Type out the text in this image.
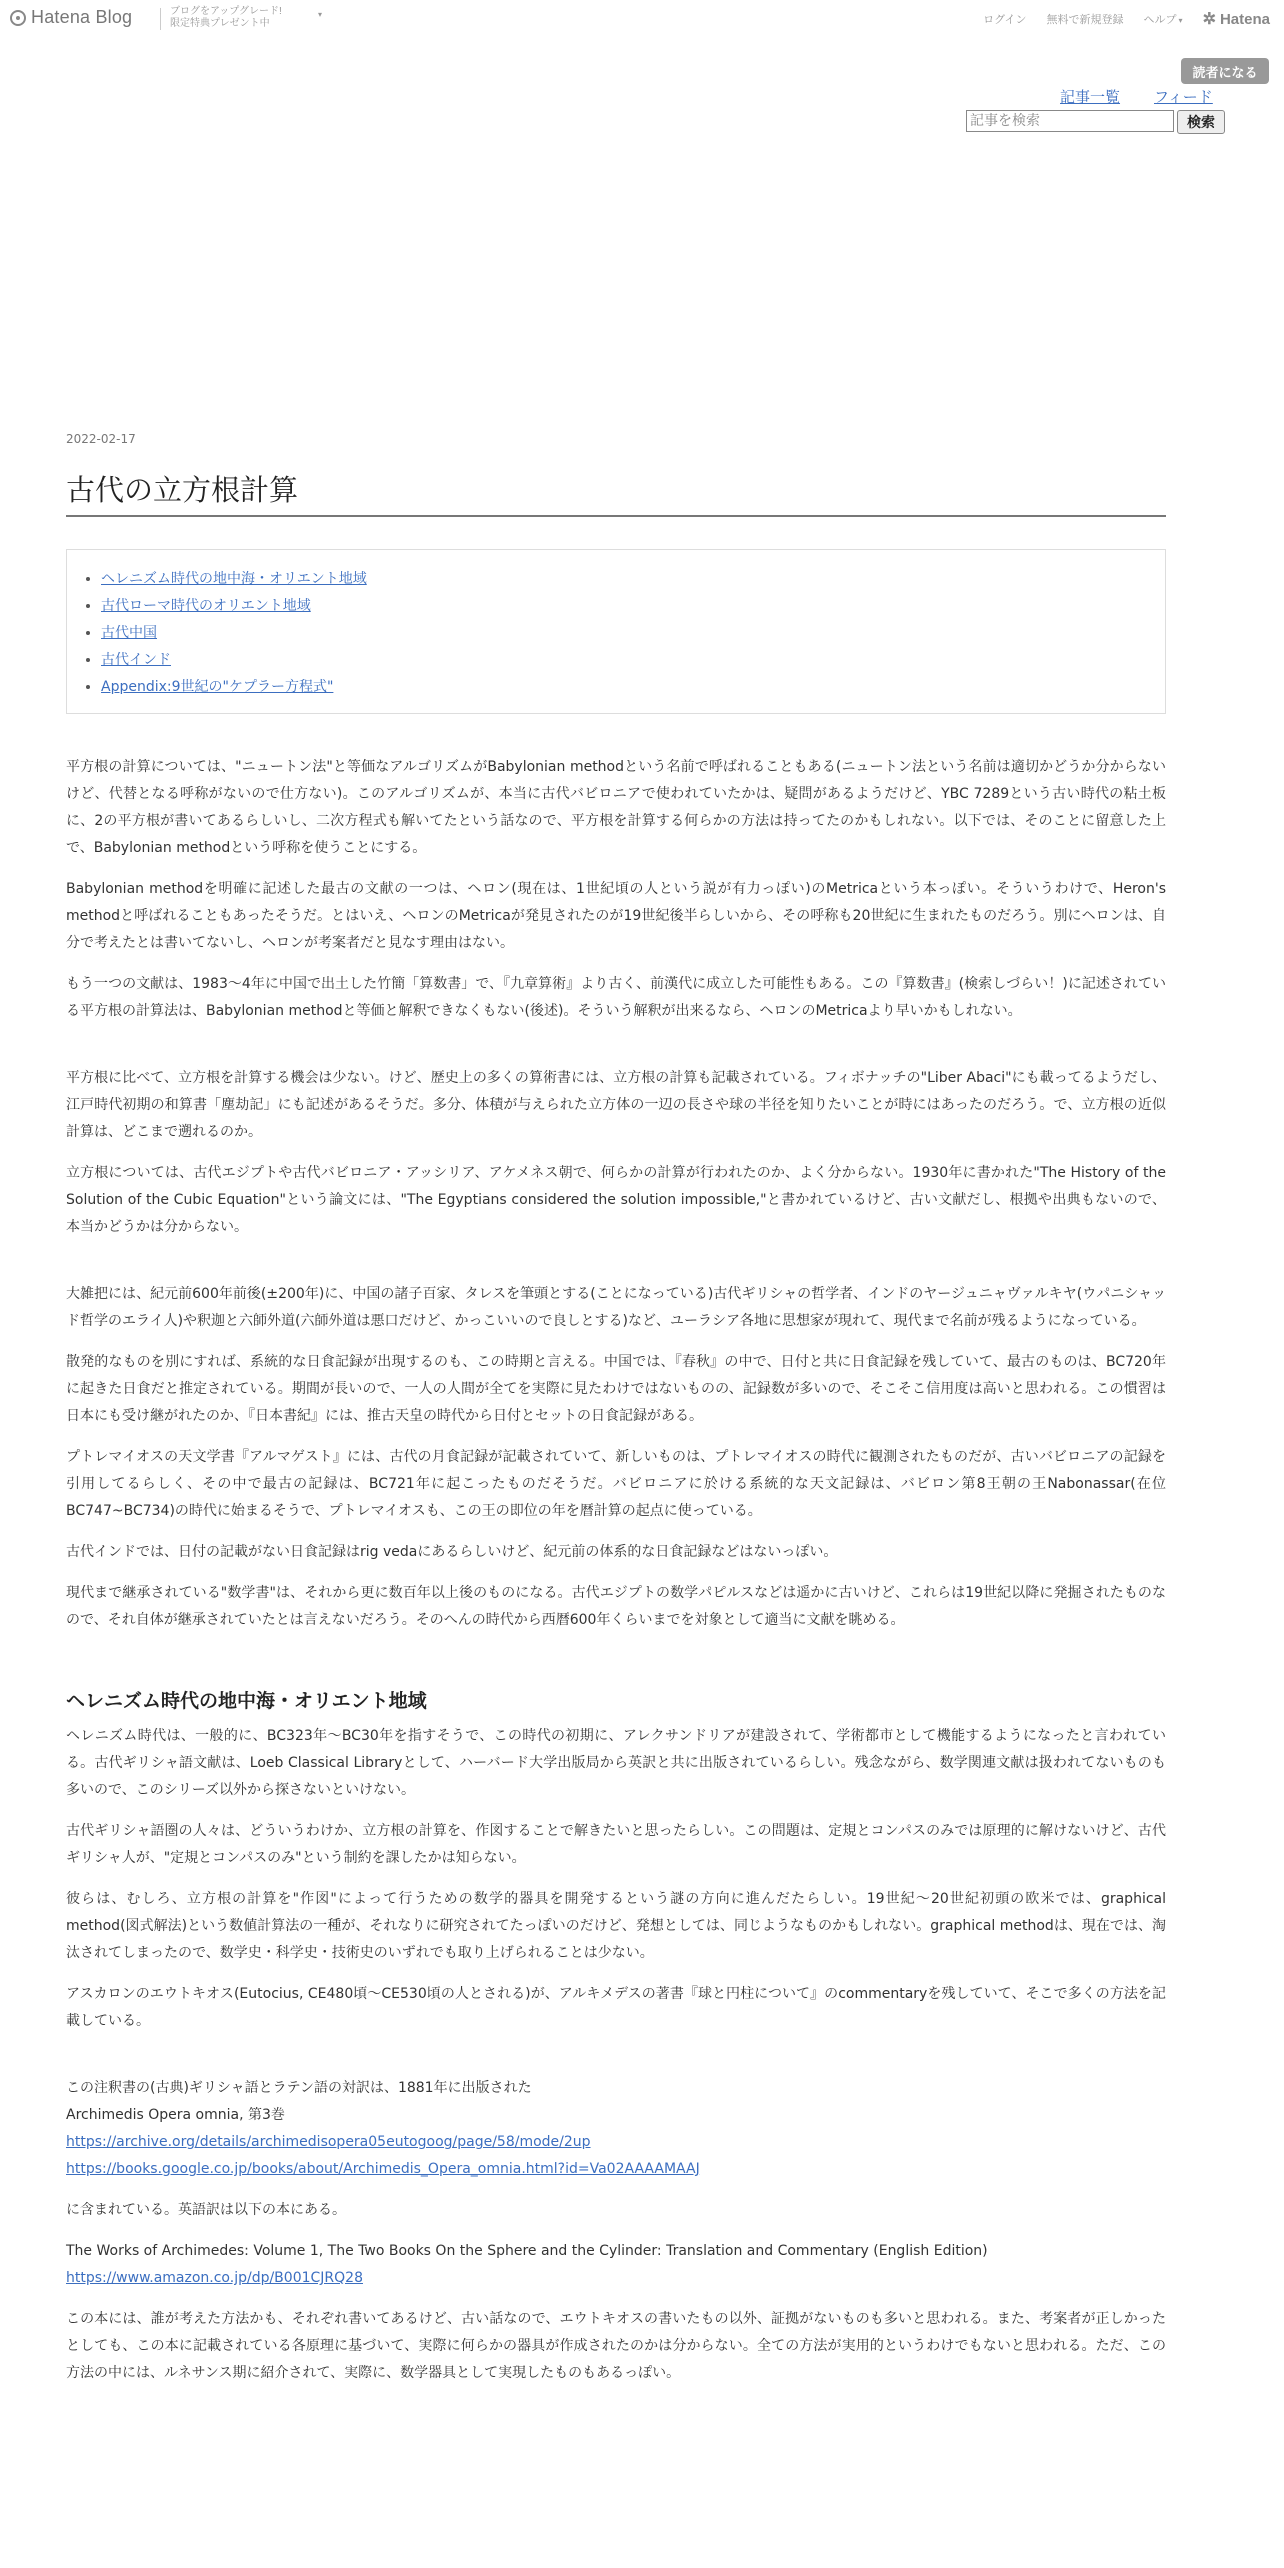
Hatena Blog	ブログをアップグレード!
限定特典プレゼント中
▾	ログイン 無料で新規登録 ヘルプ ▾ ✲ Hatena
読者になる
記事一覧 フィード
記事を検索
検索
2022-02-17
古代の立方根計算
• ヘレニズム時代の地中海・オリエント地域
• 古代ローマ時代のオリエント地域
• 古代中国
• 古代インド
• Appendix:9世紀の"ケプラー方程式"

平方根の計算については、"ニュートン法"と等価なアルゴリズムがBabylonian methodという名前で呼ばれることもある(ニュートン法という名前は適切かどうか分からないけど、代替となる呼称がないので仕方ない)。このアルゴリズムが、本当に古代バビロニアで使われていたかは、疑問があるようだけど、YBC 7289という古い時代の粘土板に、2の平方根が書いてあるらしいし、二次方程式も解いてたという話なので、平方根を計算する何らかの方法は持ってたのかもしれない。以下では、そのことに留意した上で、Babylonian methodという呼称を使うことにする。

Babylonian methodを明確に記述した最古の文献の一つは、ヘロン(現在は、1世紀頃の人という説が有力っぽい)のMetricaという本っぽい。そういうわけで、Heron's methodと呼ばれることもあったそうだ。とはいえ、ヘロンのMetricaが発見されたのが19世紀後半らしいから、その呼称も20世紀に生まれたものだろう。別にヘロンは、自分で考えたとは書いてないし、ヘロンが考案者だと見なす理由はない。

もう一つの文献は、1983〜4年に中国で出土した竹簡「算数書」で、『九章算術』より古く、前漢代に成立した可能性もある。この『算数書』(検索しづらい！)に記述されている平方根の計算法は、Babylonian methodと等価と解釈できなくもない(後述)。そういう解釈が出来るなら、ヘロンのMetricaより早いかもしれない。

平方根に比べて、立方根を計算する機会は少ない。けど、歴史上の多くの算術書には、立方根の計算も記載されている。フィボナッチの"Liber Abaci"にも載ってるようだし、江戸時代初期の和算書「塵劫記」にも記述があるそうだ。多分、体積が与えられた立方体の一辺の長さや球の半径を知りたいことが時にはあったのだろう。で、立方根の近似計算は、どこまで遡れるのか。

立方根については、古代エジプトや古代バビロニア・アッシリア、アケメネス朝で、何らかの計算が行われたのか、よく分からない。1930年に書かれた"The History of the Solution of the Cubic Equation"という論文には、"The Egyptians considered the solution impossible,"と書かれているけど、古い文献だし、根拠や出典もないので、本当かどうかは分からない。

大雑把には、紀元前600年前後(±200年)に、中国の諸子百家、タレスを筆頭とする(ことになっている)古代ギリシャの哲学者、インドのヤージュニャヴァルキヤ(ウパニシャッド哲学のエライ人)や釈迦と六師外道(六師外道は悪口だけど、かっこいいので良しとする)など、ユーラシア各地に思想家が現れて、現代まで名前が残るようになっている。

散発的なものを別にすれば、系統的な日食記録が出現するのも、この時期と言える。中国では、『春秋』の中で、日付と共に日食記録を残していて、最古のものは、BC720年に起きた日食だと推定されている。期間が長いので、一人の人間が全てを実際に見たわけではないものの、記録数が多いので、そこそこ信用度は高いと思われる。この慣習は日本にも受け継がれたのか、『日本書紀』には、推古天皇の時代から日付とセットの日食記録がある。

プトレマイオスの天文学書『アルマゲスト』には、古代の月食記録が記載されていて、新しいものは、プトレマイオスの時代に観測されたものだが、古いバビロニアの記録を引用してるらしく、その中で最古の記録は、BC721年に起こったものだそうだ。バビロニアに於ける系統的な天文記録は、バビロン第8王朝の王Nabonassar(在位BC747~BC734)の時代に始まるそうで、プトレマイオスも、この王の即位の年を暦計算の起点に使っている。

古代インドでは、日付の記載がない日食記録はrig vedaにあるらしいけど、紀元前の体系的な日食記録などはないっぽい。

現代まで継承されている"数学書"は、それから更に数百年以上後のものになる。古代エジプトの数学パピルスなどは遥かに古いけど、これらは19世紀以降に発掘されたものなので、それ自体が継承されていたとは言えないだろう。そのへんの時代から西暦600年くらいまでを対象として適当に文献を眺める。

ヘレニズム時代の地中海・オリエント地域

ヘレニズム時代は、一般的に、BC323年〜BC30年を指すそうで、この時代の初期に、アレクサンドリアが建設されて、学術都市として機能するようになったと言われている。古代ギリシャ語文献は、Loeb Classical Libraryとして、ハーバード大学出版局から英訳と共に出版されているらしい。残念ながら、数学関連文献は扱われてないものも多いので、このシリーズ以外から探さないといけない。

古代ギリシャ語圏の人々は、どういうわけか、立方根の計算を、作図することで解きたいと思ったらしい。この問題は、定規とコンパスのみでは原理的に解けないけど、古代ギリシャ人が、"定規とコンパスのみ"という制約を課したかは知らない。

彼らは、むしろ、立方根の計算を"作図"によって行うための数学的器具を開発するという謎の方向に進んだたらしい。19世紀〜20世紀初頭の欧米では、graphical method(図式解法)という数値計算法の一種が、それなりに研究されてたっぽいのだけど、発想としては、同じようなものかもしれない。graphical methodは、現在では、淘汰されてしまったので、数学史・科学史・技術史のいずれでも取り上げられることは少ない。

アスカロンのエウトキオス(Eutocius, CE480頃〜CE530頃の人とされる)が、アルキメデスの著書『球と円柱について』のcommentaryを残していて、そこで多くの方法を記載している。

この注釈書の(古典)ギリシャ語とラテン語の対訳は、1881年に出版された

Archimedis Opera omnia, 第3巻

https://archive.org/details/archimedisopera05eutogoog/page/58/mode/2up
https://books.google.co.jp/books/about/Archimedis_Opera_omnia.html?id=Va02AAAAMAAJ

に含まれている。英語訳は以下の本にある。

The Works of Archimedes: Volume 1, The Two Books On the Sphere and the Cylinder: Translation and Commentary (English Edition)

https://www.amazon.co.jp/dp/B001CJRQ28

この本には、誰が考えた方法かも、それぞれ書いてあるけど、古い話なので、エウトキオスの書いたもの以外、証拠がないものも多いと思われる。また、考案者が正しかったとしても、この本に記載されている各原理に基づいて、実際に何らかの器具が作成されたのかは分からない。全ての方法が実用的というわけでもないと思われる。ただ、この方法の中には、ルネサンス期に紹介されて、実際に、数学器具として実現したものもあるっぽい。
